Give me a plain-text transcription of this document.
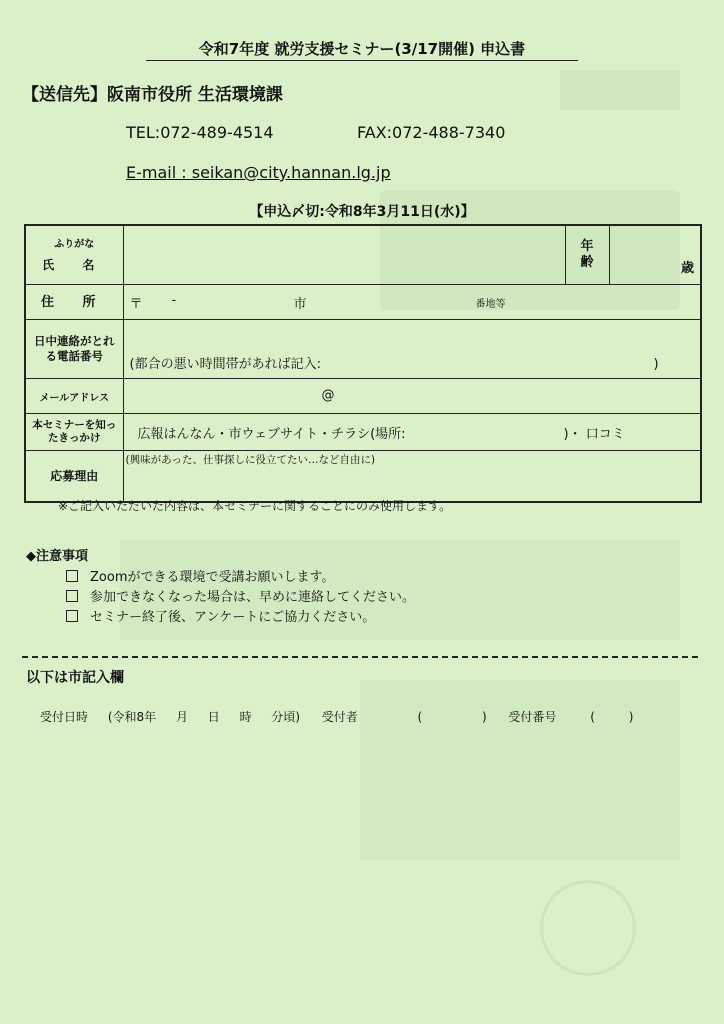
令和7年度 就労支援セミナー(3/17開催) 申込書
【送信先】阪南市役所 生活環境課
TEL:072-489-4514	FAX:072-488-7340
E-mail : seikan@city.hannan.lg.jp
【申込〆切:令和8年3月11日(水)】
ふりがな
氏 名		年齢	歳

住 所	〒 - 市 番地等		

日中連絡がとれる電話番号	(都合の悪い時間帯があれば記入: )		

メールアドレス	@		

本セミナーを知ったきっかけ	広報はんなん・市ウェブサイト・チラシ(場所: )・ 口コミ		

応募理由	(興味があった、仕事探しに役立てたい…など自由に)		
※ご記入いただいた内容は、本セミナーに関することにのみ使用します。
◆注意事項
Zoomができる環境で受講お願いします。
参加できなくなった場合は、早めに連絡してください。
セミナー終了後、アンケートにご協力ください。
以下は市記入欄
受付日時 (令和8年 月 日 時 分頃) 受付者 ( ) 受付番号 ( )
